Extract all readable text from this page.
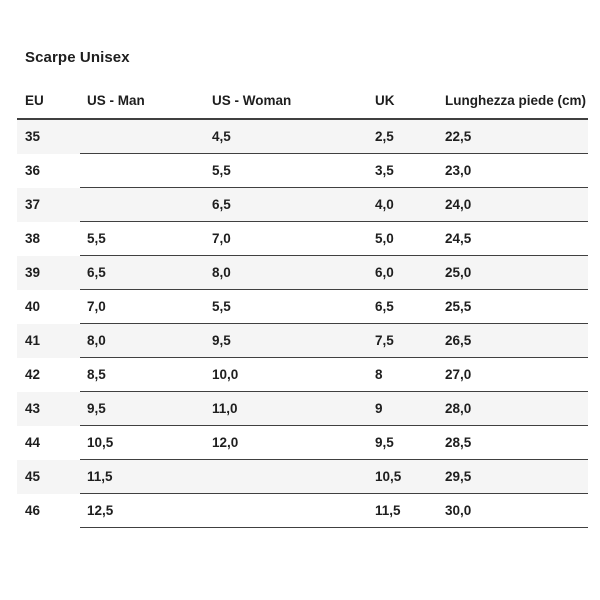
Scarpe Unisex
EU	US - Man	US - Woman	UK	Lunghezza piede (cm)
35		4,5	2,5	22,5
36		5,5	3,5	23,0
37		6,5	4,0	24,0
38	5,5	7,0	5,0	24,5
39	6,5	8,0	6,0	25,0
40	7,0	5,5	6,5	25,5
41	8,0	9,5	7,5	26,5
42	8,5	10,0	8	27,0
43	9,5	11,0	9	28,0
44	10,5	12,0	9,5	28,5
45	11,5		10,5	29,5
46	12,5		11,5	30,0
